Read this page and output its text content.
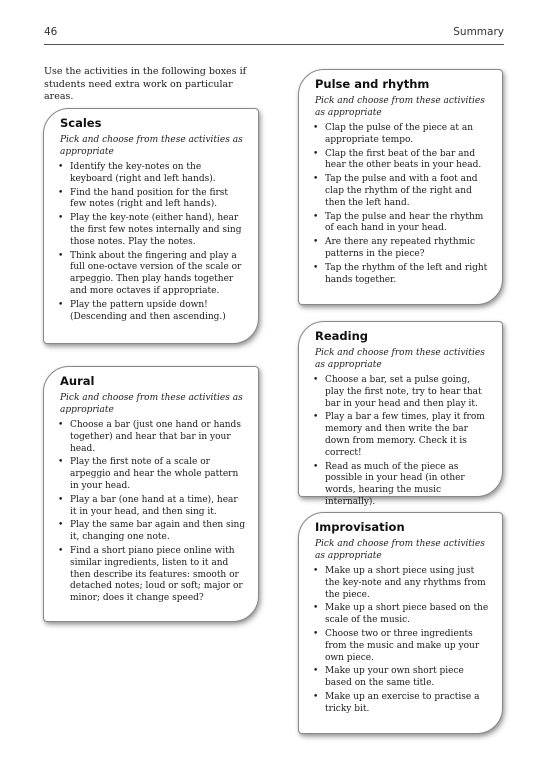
46	Summary
Use the activities in the following boxes if students need extra work on particular areas.
Scales
Pick and choose from these activities as appropriate
• Identify the key-notes on the keyboard (right and left hands).
• Find the hand position for the first few notes (right and left hands).
• Play the key-note (either hand), hear the first few notes internally and sing those notes. Play the notes.
• Think about the fingering and play a full one-octave version of the scale or arpeggio. Then play hands together and more octaves if appropriate.
• Play the pattern upside down! (Descending and then ascending.)
Aural
Pick and choose from these activities as appropriate
• Choose a bar (just one hand or hands together) and hear that bar in your head.
• Play the first note of a scale or arpeggio and hear the whole pattern in your head.
• Play a bar (one hand at a time), hear it in your head, and then sing it.
• Play the same bar again and then sing it, changing one note.
• Find a short piano piece online with similar ingredients, listen to it and then describe its features: smooth or detached notes; loud or soft; major or minor; does it change speed?
Pulse and rhythm
Pick and choose from these activities as appropriate
• Clap the pulse of the piece at an appropriate tempo.
• Clap the first beat of the bar and hear the other beats in your head.
• Tap the pulse and with a foot and clap the rhythm of the right and then the left hand.
• Tap the pulse and hear the rhythm of each hand in your head.
• Are there any repeated rhythmic patterns in the piece?
• Tap the rhythm of the left and right hands together.
Reading
Pick and choose from these activities as appropriate
• Choose a bar, set a pulse going, play the first note, try to hear that bar in your head and then play it.
• Play a bar a few times, play it from memory and then write the bar down from memory. Check it is correct!
• Read as much of the piece as possible in your head (in other words, hearing the music internally).
Improvisation
Pick and choose from these activities as appropriate
• Make up a short piece using just the key-note and any rhythms from the piece.
• Make up a short piece based on the scale of the music.
• Choose two or three ingredients from the music and make up your own piece.
• Make up your own short piece based on the same title.
• Make up an exercise to practise a tricky bit.
